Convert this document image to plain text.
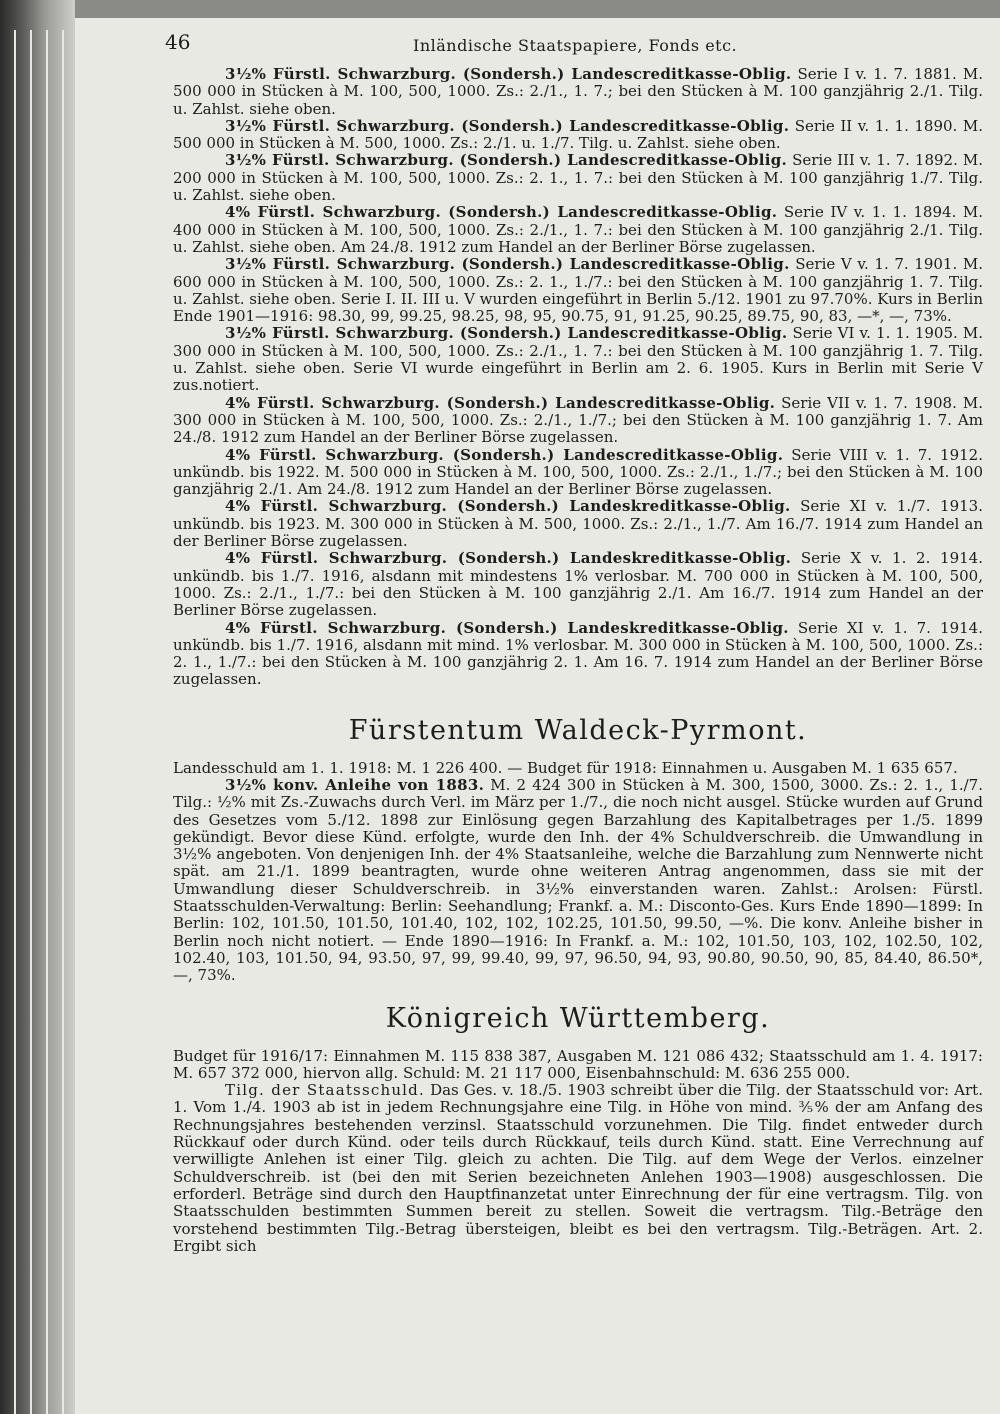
46	Inländische Staatspapiere, Fonds etc.

3½% Fürstl. Schwarzburg. (Sondersh.) Landescreditkasse-Oblig. Serie I v. 1. 7. 1881. M. 500 000 in Stücken à M. 100, 500, 1000. Zs.: 2./1., 1. 7.; bei den Stücken à M. 100 ganzjährig 2./1. Tilg. u. Zahlst. siehe oben.

3½% Fürstl. Schwarzburg. (Sondersh.) Landescreditkasse-Oblig. Serie II v. 1. 1. 1890. M. 500 000 in Stücken à M. 500, 1000. Zs.: 2./1. u. 1./7. Tilg. u. Zahlst. siehe oben.

3½% Fürstl. Schwarzburg. (Sondersh.) Landescreditkasse-Oblig. Serie III v. 1. 7. 1892. M. 200 000 in Stücken à M. 100, 500, 1000. Zs.: 2. 1., 1. 7.: bei den Stücken à M. 100 ganzjährig 1./7. Tilg. u. Zahlst. siehe oben.

4% Fürstl. Schwarzburg. (Sondersh.) Landescreditkasse-Oblig. Serie IV v. 1. 1. 1894. M. 400 000 in Stücken à M. 100, 500, 1000. Zs.: 2./1., 1. 7.: bei den Stücken à M. 100 ganzjährig 2./1. Tilg. u. Zahlst. siehe oben. Am 24./8. 1912 zum Handel an der Berliner Börse zugelassen.

3½% Fürstl. Schwarzburg. (Sondersh.) Landescreditkasse-Oblig. Serie V v. 1. 7. 1901. M. 600 000 in Stücken à M. 100, 500, 1000. Zs.: 2. 1., 1./7.: bei den Stücken à M. 100 ganzjährig 1. 7. Tilg. u. Zahlst. siehe oben. Serie I. II. III u. V wurden eingeführt in Berlin 5./12. 1901 zu 97.70%. Kurs in Berlin Ende 1901—1916: 98.30, 99, 99.25, 98.25, 98, 95, 90.75, 91, 91.25, 90.25, 89.75, 90, 83, —*, —, 73%.

3½% Fürstl. Schwarzburg. (Sondersh.) Landescreditkasse-Oblig. Serie VI v. 1. 1. 1905. M. 300 000 in Stücken à M. 100, 500, 1000. Zs.: 2./1., 1. 7.: bei den Stücken à M. 100 ganzjährig 1. 7. Tilg. u. Zahlst. siehe oben. Serie VI wurde eingeführt in Berlin am 2. 6. 1905. Kurs in Berlin mit Serie V zus.notiert.

4% Fürstl. Schwarzburg. (Sondersh.) Landescreditkasse-Oblig. Serie VII v. 1. 7. 1908. M. 300 000 in Stücken à M. 100, 500, 1000. Zs.: 2./1., 1./7.; bei den Stücken à M. 100 ganzjährig 1. 7. Am 24./8. 1912 zum Handel an der Berliner Börse zugelassen.

4% Fürstl. Schwarzburg. (Sondersh.) Landescreditkasse-Oblig. Serie VIII v. 1. 7. 1912. unkündb. bis 1922. M. 500 000 in Stücken à M. 100, 500, 1000. Zs.: 2./1., 1./7.; bei den Stücken à M. 100 ganzjährig 2./1. Am 24./8. 1912 zum Handel an der Berliner Börse zugelassen.

4% Fürstl. Schwarzburg. (Sondersh.) Landeskreditkasse-Oblig. Serie XI v. 1./7. 1913. unkündb. bis 1923. M. 300 000 in Stücken à M. 500, 1000. Zs.: 2./1., 1./7. Am 16./7. 1914 zum Handel an der Berliner Börse zugelassen.

4% Fürstl. Schwarzburg. (Sondersh.) Landeskreditkasse-Oblig. Serie X v. 1. 2. 1914. unkündb. bis 1./7. 1916, alsdann mit mindestens 1% verlosbar. M. 700 000 in Stücken à M. 100, 500, 1000. Zs.: 2./1., 1./7.: bei den Stücken à M. 100 ganzjährig 2./1. Am 16./7. 1914 zum Handel an der Berliner Börse zugelassen.

4% Fürstl. Schwarzburg. (Sondersh.) Landeskreditkasse-Oblig. Serie XI v. 1. 7. 1914. unkündb. bis 1./7. 1916, alsdann mit mind. 1% verlosbar. M. 300 000 in Stücken à M. 100, 500, 1000. Zs.: 2. 1., 1./7.: bei den Stücken à M. 100 ganzjährig 2. 1. Am 16. 7. 1914 zum Handel an der Berliner Börse zugelassen.

Fürstentum Waldeck-Pyrmont.

Landesschuld am 1. 1. 1918: M. 1 226 400. — Budget für 1918: Einnahmen u. Ausgaben M. 1 635 657.

3½% konv. Anleihe von 1883. M. 2 424 300 in Stücken à M. 300, 1500, 3000. Zs.: 2. 1., 1./7. Tilg.: ½% mit Zs.-Zuwachs durch Verl. im März per 1./7., die noch nicht ausgel. Stücke wurden auf Grund des Gesetzes vom 5./12. 1898 zur Einlösung gegen Barzahlung des Kapitalbetrages per 1./5. 1899 gekündigt. Bevor diese Künd. erfolgte, wurde den Inh. der 4% Schuldverschreib. die Umwandlung in 3½% angeboten. Von denjenigen Inh. der 4% Staatsanleihe, welche die Barzahlung zum Nennwerte nicht spät. am 21./1. 1899 beantragten, wurde ohne weiteren Antrag angenommen, dass sie mit der Umwandlung dieser Schuldverschreib. in 3½% einverstanden waren. Zahlst.: Arolsen: Fürstl. Staatsschulden-Verwaltung: Berlin: Seehandlung; Frankf. a. M.: Disconto-Ges. Kurs Ende 1890—1899: In Berlin: 102, 101.50, 101.50, 101.40, 102, 102, 102.25, 101.50, 99.50, —%. Die konv. Anleihe bisher in Berlin noch nicht notiert. — Ende 1890—1916: In Frankf. a. M.: 102, 101.50, 103, 102, 102.50, 102, 102.40, 103, 101.50, 94, 93.50, 97, 99, 99.40, 99, 97, 96.50, 94, 93, 90.80, 90.50, 90, 85, 84.40, 86.50*, —, 73%.

Königreich Württemberg.

Budget für 1916/17: Einnahmen M. 115 838 387, Ausgaben M. 121 086 432; Staatsschuld am 1. 4. 1917: M. 657 372 000, hiervon allg. Schuld: M. 21 117 000, Eisenbahnschuld: M. 636 255 000.

Tilg. der Staatsschuld. Das Ges. v. 18./5. 1903 schreibt über die Tilg. der Staatsschuld vor: Art. 1. Vom 1./4. 1903 ab ist in jedem Rechnungsjahre eine Tilg. in Höhe von mind. ⅗% der am Anfang des Rechnungsjahres bestehenden verzinsl. Staatsschuld vorzunehmen. Die Tilg. findet entweder durch Rückkauf oder durch Künd. oder teils durch Rückkauf, teils durch Künd. statt. Eine Verrechnung auf verwilligte Anlehen ist einer Tilg. gleich zu achten. Die Tilg. auf dem Wege der Verlos. einzelner Schuldverschreib. ist (bei den mit Serien bezeichneten Anlehen 1903—1908) ausgeschlossen. Die erforderl. Beträge sind durch den Hauptfinanzetat unter Einrechnung der für eine vertragsm. Tilg. von Staatsschulden bestimmten Summen bereit zu stellen. Soweit die vertragsm. Tilg.-Beträge den vorstehend bestimmten Tilg.-Betrag übersteigen, bleibt es bei den vertragsm. Tilg.-Beträgen. Art. 2. Ergibt sich
